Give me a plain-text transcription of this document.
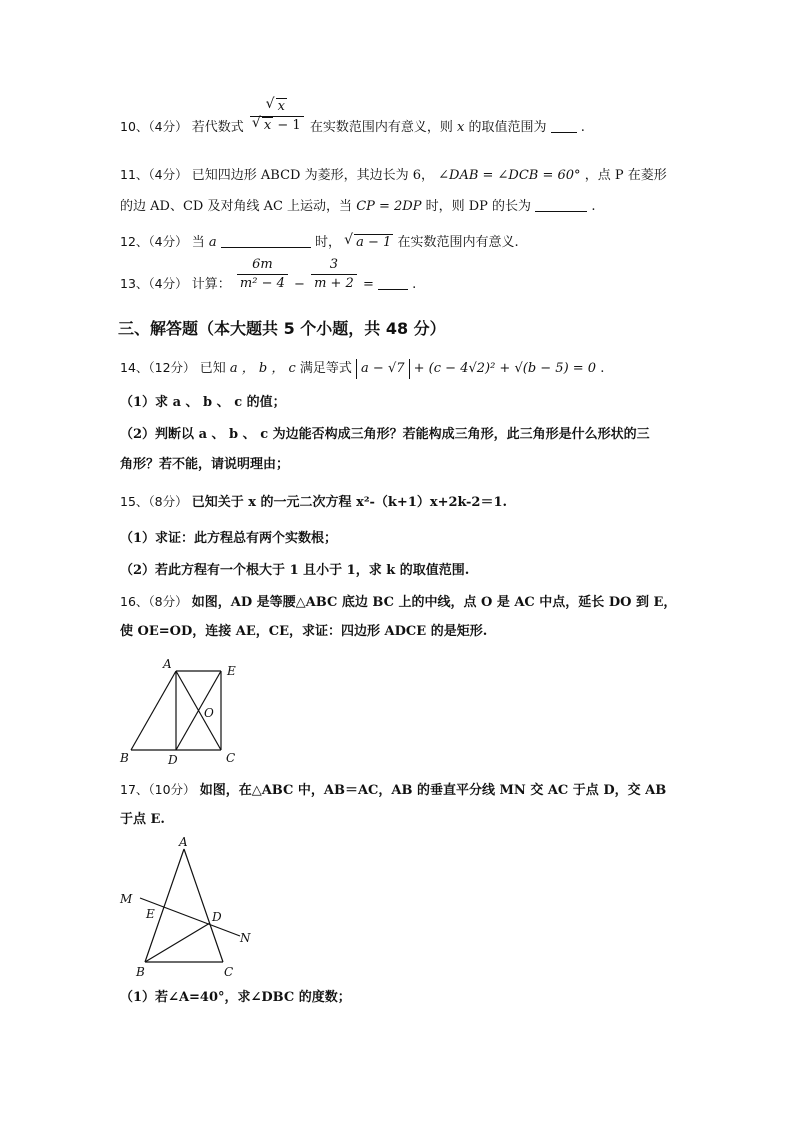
10、（4分） 若代数式 √ x
√ x − 1 在实数范围内有意义，则 x 的取值范围为	.
11、（4分） 已知四边形 ABCD 为菱形，其边长为 6， ∠DAB = ∠DCB = 60° ，点 P 在菱形
的边 AD、CD 及对角线 AC 上运动，当 CP = 2DP 时，则 DP 的长为	.
12、（4分） 当 a	时， √ a − 1 在实数范围内有意义.
13、（4分） 计算： $\frac{6m}{\text{m² − 4}} - \frac{3}{m + 2}$ =	.
三、解答题（本大题共 5 个小题，共 48 分）
14、（12分） 已知 a ， b ， c 满足等式 a − √7 + (c − 4√2)² + √(b − 5) = 0 .
（1）求 a 、 b 、 c 的值；
（2）判断以 a 、 b 、 c 为边能否构成三角形？若能构成三角形，此三角形是什么形状的三
角形？若不能，请说明理由；
15、（8分） 已知关于 x 的一元二次方程 x²-（k+1）x+2k-2＝1.
（1）求证：此方程总有两个实数根；
（2）若此方程有一个根大于 1 且小于 1，求 k 的取值范围.
16、（8分） 如图，AD 是等腰△ABC 底边 BC 上的中线，点 O 是 AC 中点，延长 DO 到 E，
使 OE=OD，连接 AE，CE，求证：四边形 ADCE 的是矩形.
A	E
O
B	D	C
17、（10分） 如图，在△ABC 中，AB＝AC，AB 的垂直平分线 MN 交 AC 于点 D，交 AB
于点 E.
A
M
E	D
N
B	C
（1）若∠A=40°，求∠DBC 的度数；
